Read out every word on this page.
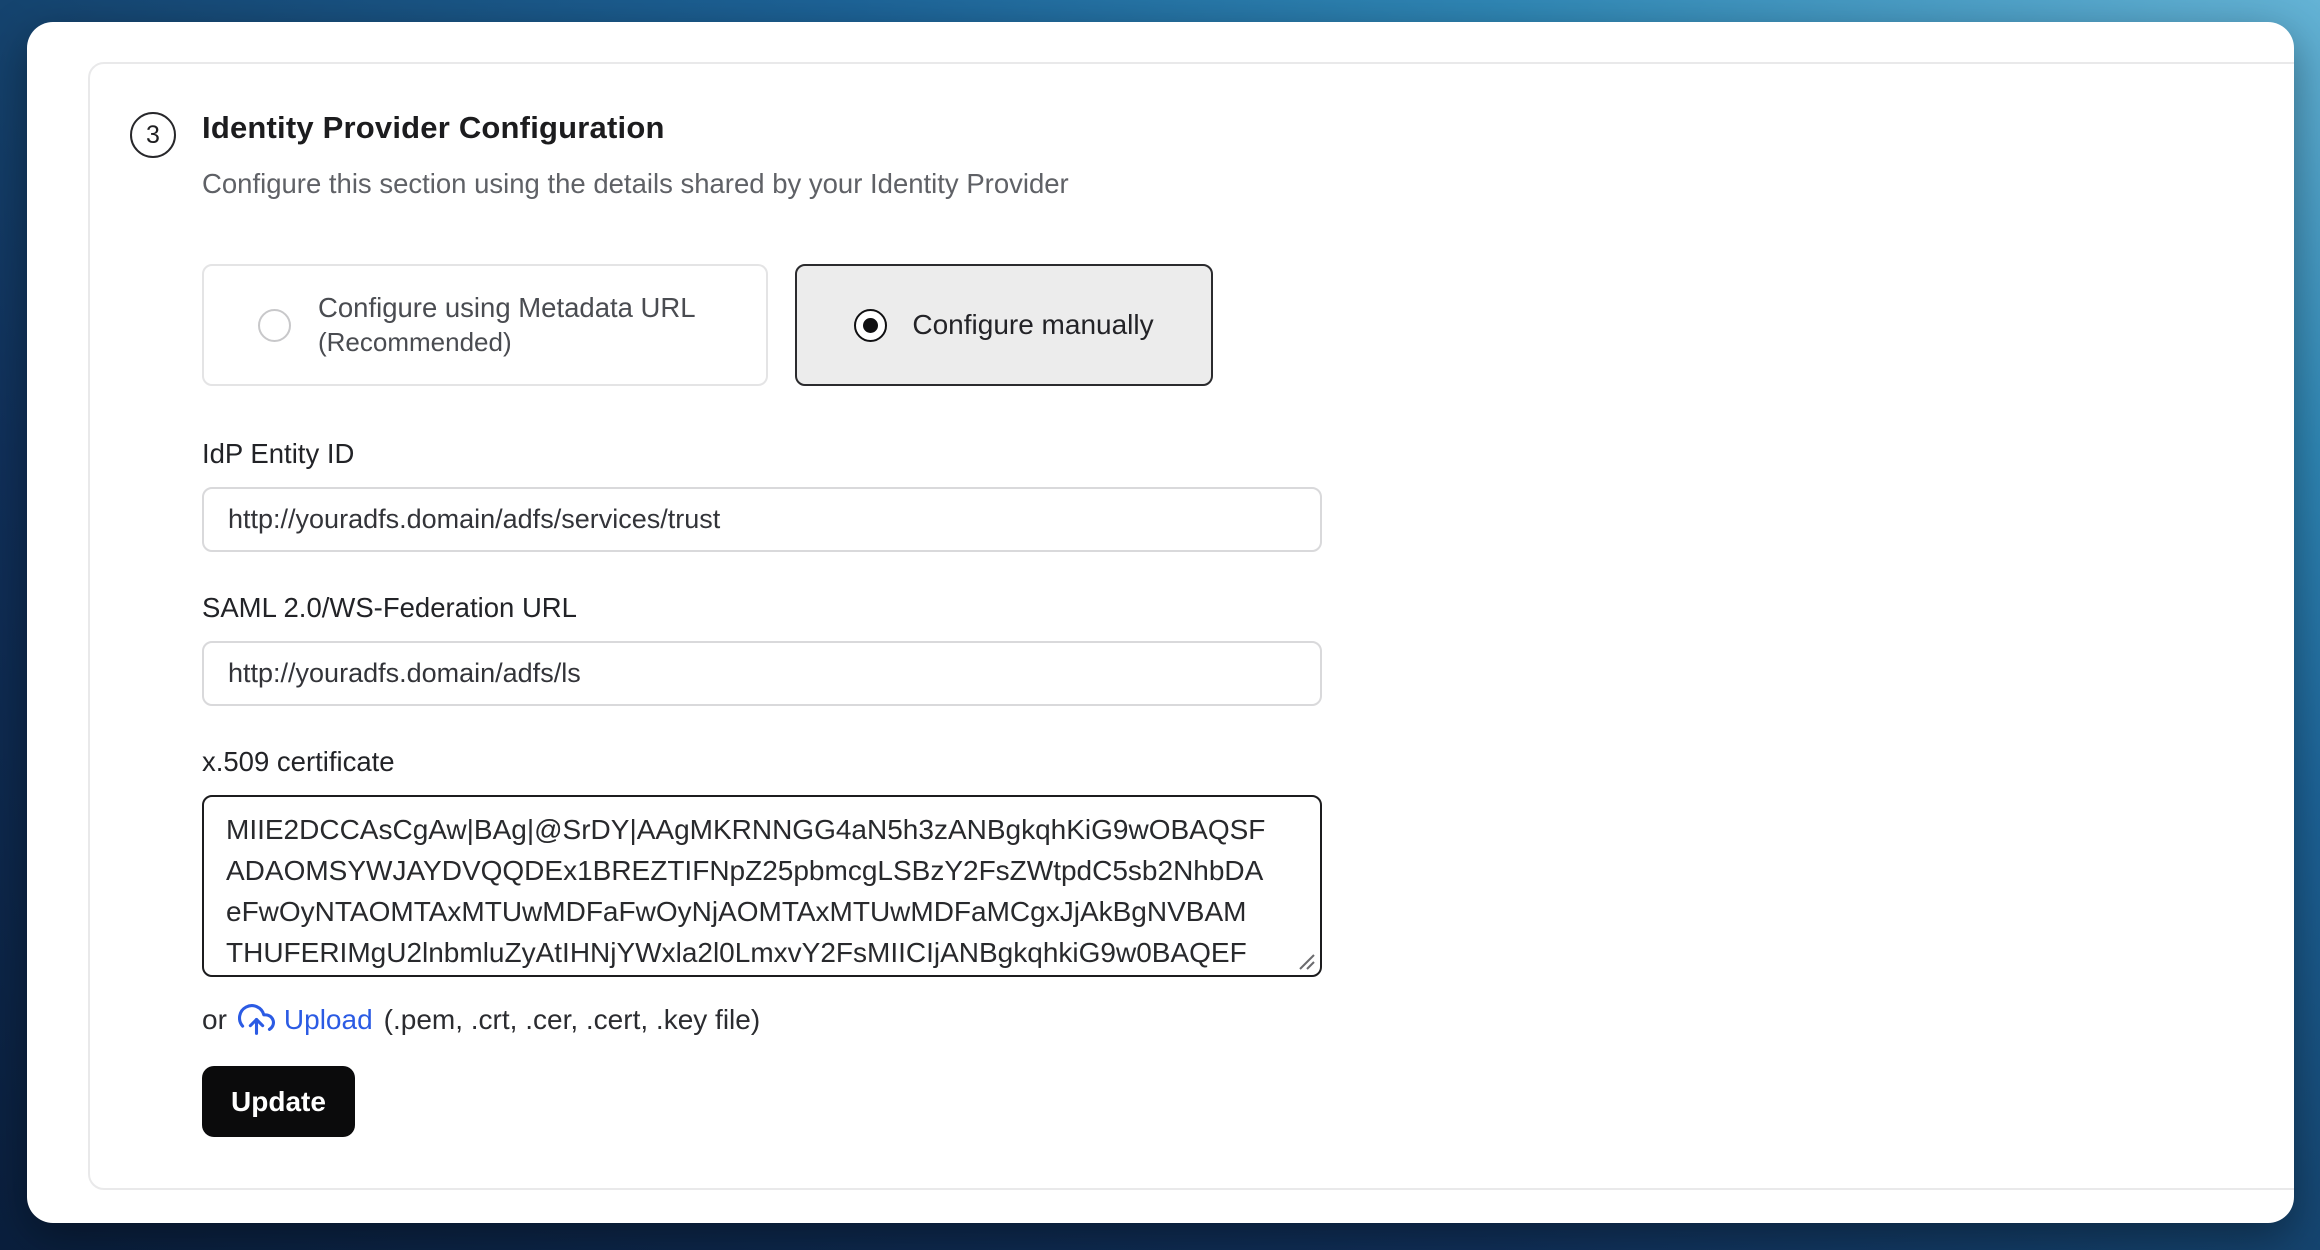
3 Identity Provider Configuration
Configure this section using the details shared by your Identity Provider
Configure using Metadata URL
(Recommended)
Configure manually
IdP Entity ID
http://youradfs.domain/adfs/services/trust
SAML 2.0/WS-Federation URL
http://youradfs.domain/adfs/ls
x.509 certificate
MIIE2DCCAsCgAw|BAg|@SrDY|AAgMKRNNGG4aN5h3zANBgkqhKiG9wOBAQSF ADAOMSYWJAYDVQQDEx1BREZTIFNpZ25pbmcgLSBzY2FsZWtpdC5sb2NhbDA eFwOyNTAOMTAxMTUwMDFaFwOyNjAOMTAxMTUwMDFaMCgxJjAkBgNVBAM THUFERIMgU2lnbmluZyAtIHNjYWxla2l0LmxvY2FsMIICIjANBgkqhkiG9w0BAQEF
or Upload (.pem, .crt, .cer, .cert, .key file)
Update
